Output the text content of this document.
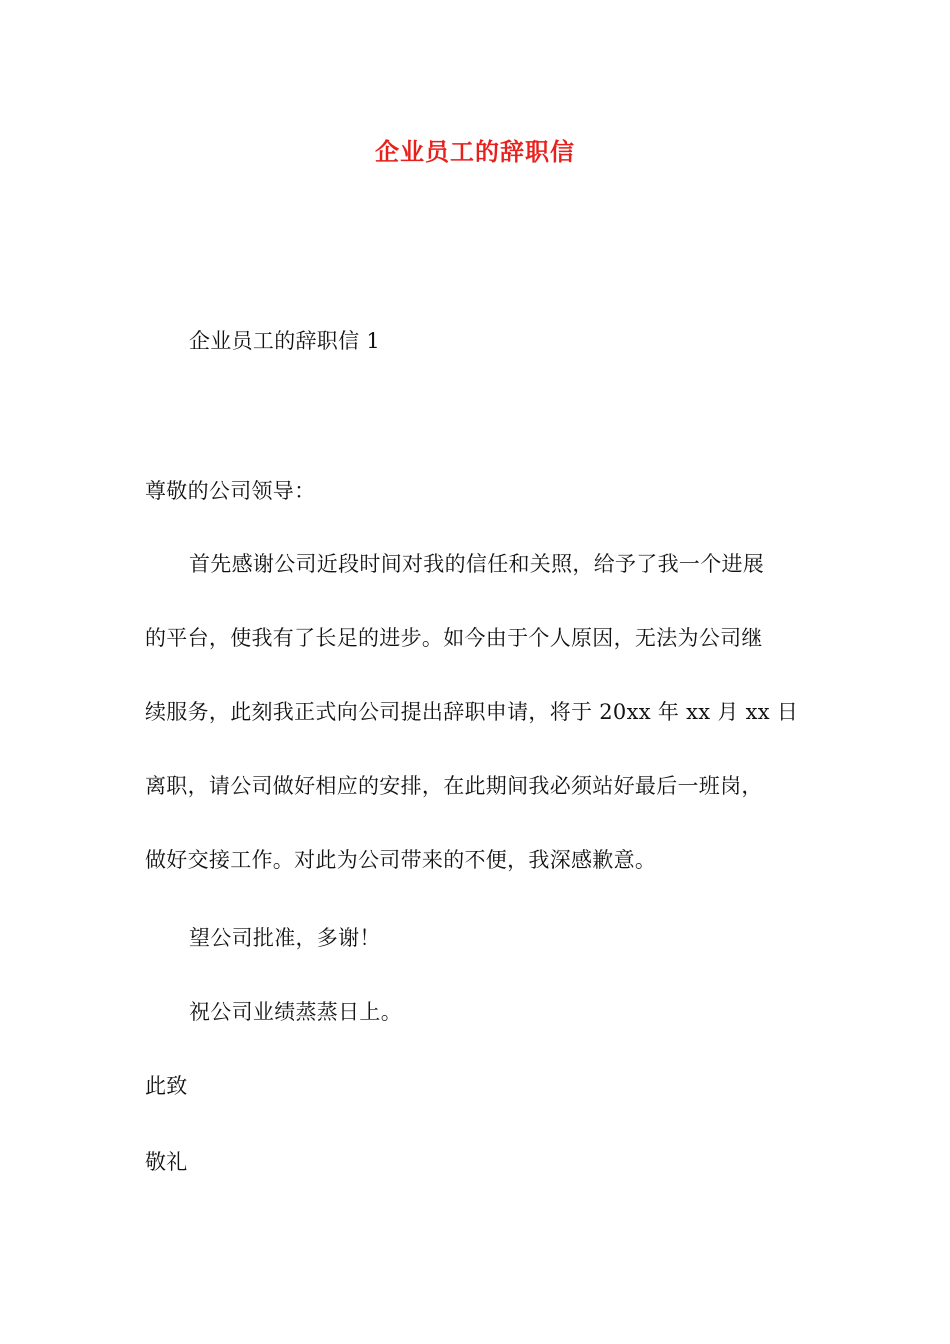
企业员工的辞职信
企业员工的辞职信 1
尊敬的公司领导：
首先感谢公司近段时间对我的信任和关照，给予了我一个进展
的平台，使我有了长足的进步。如今由于个人原因，无法为公司继
续服务，此刻我正式向公司提出辞职申请，将于 20xx 年 xx 月 xx 日
离职，请公司做好相应的安排，在此期间我必须站好最后一班岗，
做好交接工作。对此为公司带来的不便，我深感歉意。
望公司批准，多谢！
祝公司业绩蒸蒸日上。
此致
敬礼
